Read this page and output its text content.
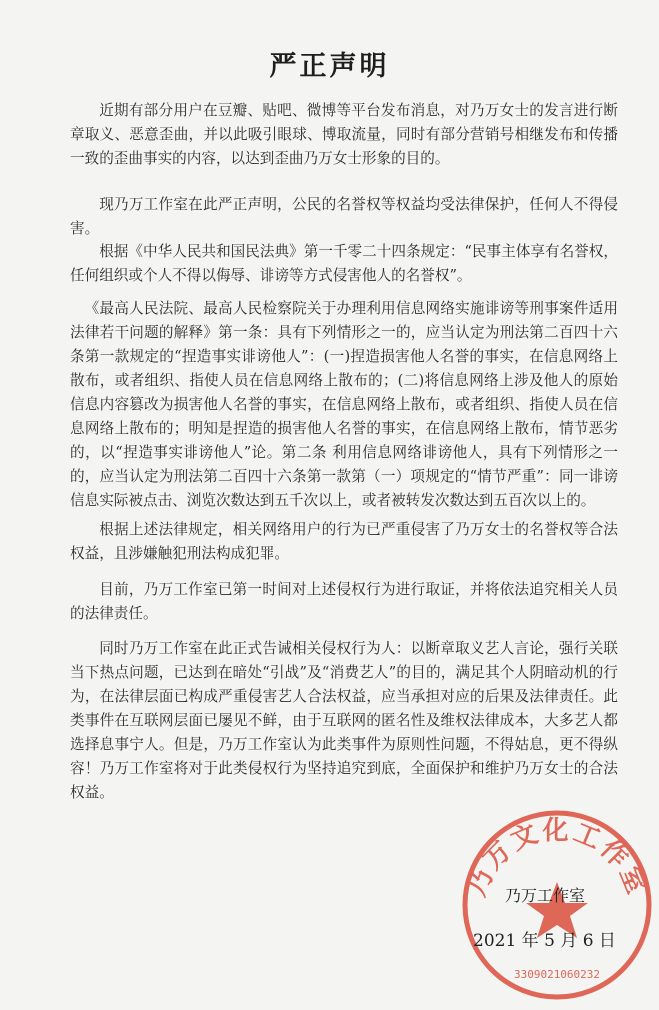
严正声明

近期有部分用户在豆瓣、贴吧、微博等平台发布消息，对乃万女士的发言进行断章取义、恶意歪曲，并以此吸引眼球、博取流量，同时有部分营销号相继发布和传播一致的歪曲事实的内容，以达到歪曲乃万女士形象的目的。

现乃万工作室在此严正声明，公民的名誉权等权益均受法律保护，任何人不得侵害。

根据《中华人民共和国民法典》第一千零二十四条规定：“民事主体享有名誉权，任何组织或个人不得以侮辱、诽谤等方式侵害他人的名誉权”。

《最高人民法院、最高人民检察院关于办理利用信息网络实施诽谤等刑事案件适用法律若干问题的解释》第一条：具有下列情形之一的，应当认定为刑法第二百四十六条第一款规定的“捏造事实诽谤他人”：(一)捏造损害他人名誉的事实，在信息网络上散布，或者组织、指使人员在信息网络上散布的；(二)将信息网络上涉及他人的原始信息内容篡改为损害他人名誉的事实，在信息网络上散布，或者组织、指使人员在信息网络上散布的；明知是捏造的损害他人名誉的事实，在信息网络上散布，情节恶劣的，以“捏造事实诽谤他人”论。第二条 利用信息网络诽谤他人，具有下列情形之一的，应当认定为刑法第二百四十六条第一款第（一）项规定的“情节严重”：同一诽谤信息实际被点击、浏览次数达到五千次以上，或者被转发次数达到五百次以上的。

根据上述法律规定，相关网络用户的行为已严重侵害了乃万女士的名誉权等合法权益，且涉嫌触犯刑法构成犯罪。

目前，乃万工作室已第一时间对上述侵权行为进行取证，并将依法追究相关人员的法律责任。

同时乃万工作室在此正式告诫相关侵权行为人：以断章取义艺人言论，强行关联当下热点问题，已达到在暗处“引战”及“消费艺人”的目的，满足其个人阴暗动机的行为，在法律层面已构成严重侵害艺人合法权益，应当承担对应的后果及法律责任。此类事件在互联网层面已屡见不鲜，由于互联网的匿名性及维权法律成本，大多艺人都选择息事宁人。但是，乃万工作室认为此类事件为原则性问题，不得姑息，更不得纵容！乃万工作室将对于此类侵权行为坚持追究到底，全面保护和维护乃万女士的合法权益。

乃万文化工作室
3309021060232
乃万工作室
2021 年 5 月 6 日
